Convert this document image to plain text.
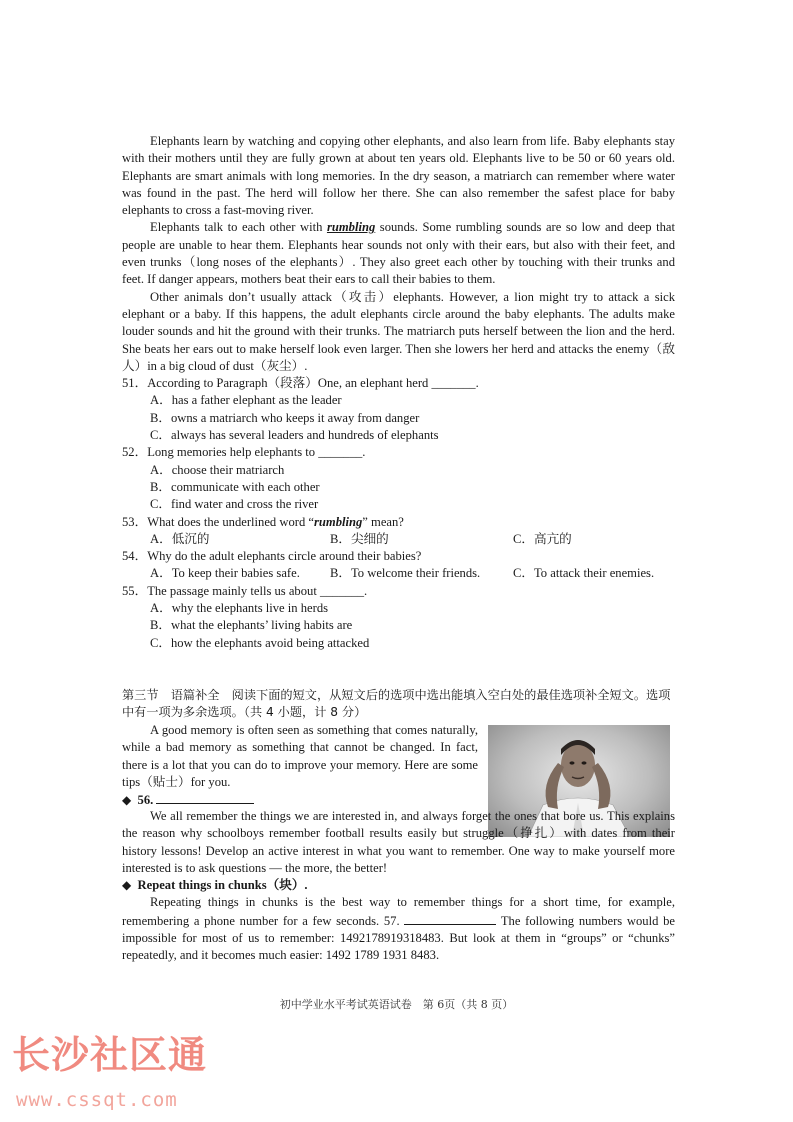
Elephants learn by watching and copying other elephants, and also learn from life. Baby elephants stay with their mothers until they are fully grown at about ten years old. Elephants live to be 50 or 60 years old. Elephants are smart animals with long memories. In the dry season, a matriarch can remember where water was found in the past. The herd will follow her there. She can also remember the safest place for baby elephants to cross a fast-moving river.

Elephants talk to each other with rumbling sounds. Some rumbling sounds are so low and deep that people are unable to hear them. Elephants hear sounds not only with their ears, but also with their feet, and even trunks（long noses of the elephants）. They also greet each other by touching with their trunks and feet. If danger appears, mothers beat their ears to call their babies to them.

Other animals don’t usually attack（攻击）elephants. However, a lion might try to attack a sick elephant or a baby. If this happens, the adult elephants circle around the baby elephants. The adults make louder sounds and hit the ground with their trunks. The matriarch puts herself between the lion and the herd. She beats her ears out to make herself look even larger. Then she lowers her herd and attacks the enemy（敌人）in a big cloud of dust（灰尘）.

51．According to Paragraph（段落）One, an elephant herd _______.
A．has a father elephant as the leader
B．owns a matriarch who keeps it away from danger
C．always has several leaders and hundreds of elephants
52．Long memories help elephants to _______.
A．choose their matriarch
B．communicate with each other
C．find water and cross the river
53．What does the underlined word “rumbling” mean?
A．低沉的	B．尖细的	C．高亢的
54．Why do the adult elephants circle around their babies?
A．To keep their babies safe.	B．To welcome their friends.	C．To attack their enemies.
55．The passage mainly tells us about _______.
A．why the elephants live in herds
B．what the elephants’ living habits are
C．how the elephants avoid being attacked
第三节　语篇补全　阅读下面的短文，从短文后的选项中选出能填入空白处的最佳选项补全短文。选项中有一项为多余选项。（共 4 小题，计 8 分）

A good memory is often seen as something that comes naturally, while a bad memory as something that cannot be changed. In fact, there is a lot that you can do to improve your memory. Here are some tips（贴士）for you.

◆ 56.

We all remember the things we are interested in, and always forget the ones that bore us. This explains the reason why schoolboys remember football results easily but struggle（挣扎）with dates from their history lessons! Develop an active interest in what you want to remember. One way to make yourself more interested is to ask questions — the more, the better!

◆ Repeat things in chunks（块）.

Repeating things in chunks is the best way to remember things for a short time, for example, remembering a phone number for a few seconds. 57.	The following numbers would be impossible for most of us to remember: 1492178919318483. But look at them in “groups” or “chunks” repeatedly, and it becomes much easier: 1492 1789 1931 8483.

初中学业水平考试英语试卷　第 6页（共 8 页）
长沙社区通
www.cssqt.com
